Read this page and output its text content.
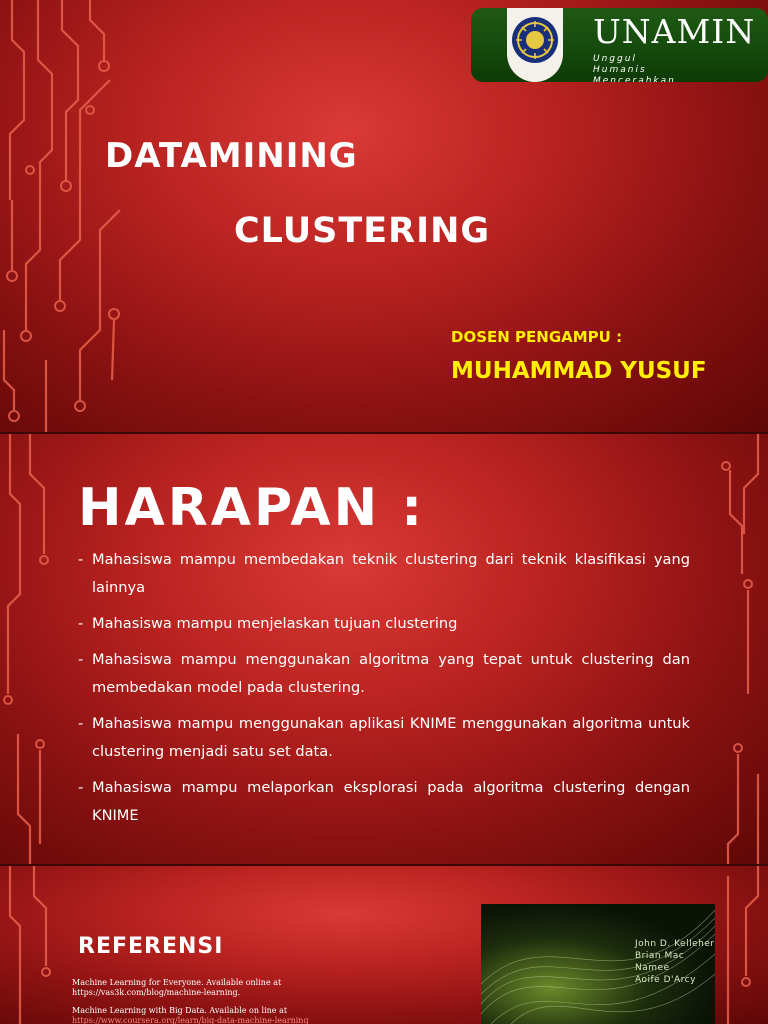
UNAMIN
Unggul
Humanis
Mencerahkan
DATAMINING
CLUSTERING
DOSEN PENGAMPU :
MUHAMMAD YUSUF
HARAPAN :
- Mahasiswa mampu membedakan teknik clustering dari teknik klasifikasi yang lainnya
- Mahasiswa mampu menjelaskan tujuan clustering
- Mahasiswa mampu menggunakan algoritma yang tepat untuk clustering dan membedakan model pada clustering.
- Mahasiswa mampu menggunakan aplikasi KNIME menggunakan algoritma untuk clustering menjadi satu set data.
- Mahasiswa mampu melaporkan eksplorasi pada algoritma clustering dengan KNIME
REFERENSI
Machine Learning for Everyone. Available online at https://vas3k.com/blog/machine-learning.
Machine Learning with Big Data. Available on line at https://www.coursera.org/learn/big-data-machine-learning
John D. Kelleher
Brian Mac Namee
Aoife D'Arcy
